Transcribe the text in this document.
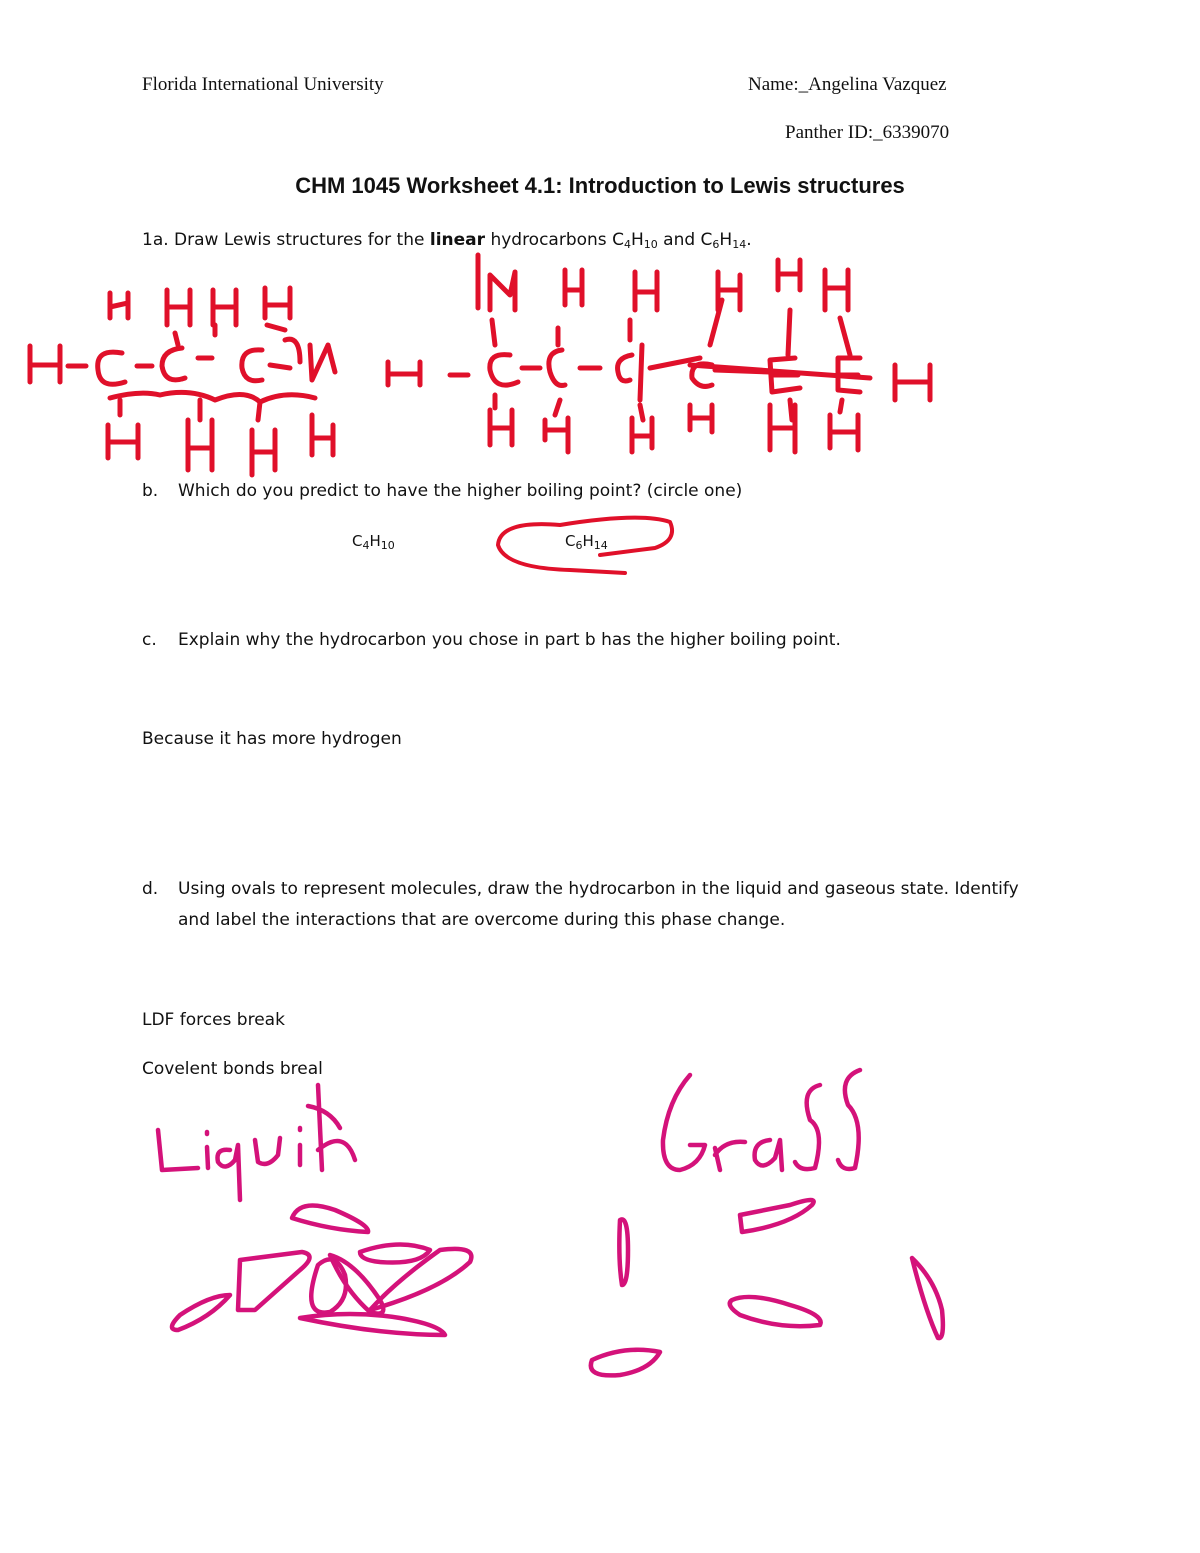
Florida International University	Name:_Angelina Vazquez
Panther ID:_6339070
CHM 1045 Worksheet 4.1: Introduction to Lewis structures
1a. Draw Lewis structures for the linear hydrocarbons $C_4H_{10}$ and $C_6H_{14}$.
b. Which do you predict to have the higher boiling point? (circle one)
$C_4H_{10}$	$C_6H_{14}$
c. Explain why the hydrocarbon you chose in part b has the higher boiling point.
Because it has more hydrogen
d. Using ovals to represent molecules, draw the hydrocarbon in the liquid and gaseous state. Identify
and label the interactions that are overcome during this phase change.
LDF forces break
Covelent bonds breal
